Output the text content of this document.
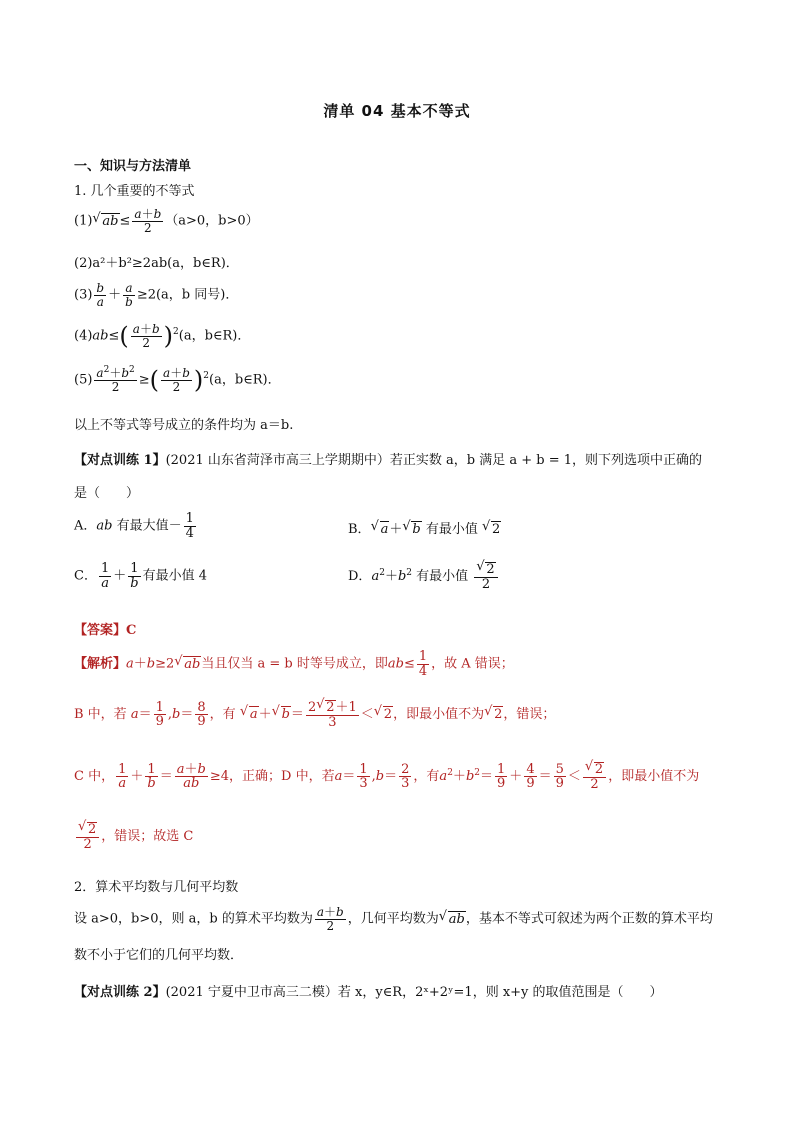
清单 04 基本不等式
一、知识与方法清单
1. 几个重要的不等式
(1) √ $ab\le \frac{a+b}{2} (a>0$，b>0）
(2)a²＋b²≥2ab(a，b∈R)．
$(3) \frac{b}{a} + \frac{a}{b} \ge 2(a$，b 同号)．
$(4)ab\le( \frac{a+b}{2} )^2(a$，b∈R)．
$(5) \frac{a^2+b^2}{2}$ ≥( $\frac{a+b}{2} )^2(a$，b∈R)．
以上不等式等号成立的条件均为 a＝b.
【对点训练 1】(2021 山东省菏泽市高三上学期期中）若正实数 a，b 满足 a + b = 1，则下列选项中正确的
是（　　）
A．ab 有最大值－ $\frac{1}{4}$	B． √ a＋ √ b 有最小值 √ 2
C． $\frac{1}{a} + \frac{1}{b}$ 有最小值 4	D．$a^2+b^2$ 有最小值 √ $\frac{2}{2}$
【答案】C
【解析】a＋b≥2 √ ab当且仅当 a = b 时等号成立，即$ab\le \frac{1}{4}$ ，故 A 错误；
B 中，若 $a= \frac{1}{9} ,b= \frac{8}{9}$ ，有 √ a＋ √ $b= \frac{2 √ 2+1}{3}$ ＜ √ 2，即最小值不为 √ 2，错误；
C 中， $\frac{1}{a} + \frac{1}{b} = \frac{a+b}{ab} \ge 4$，正确；D 中，若$a= \frac{1}{3} ,b= \frac{2}{3}$ ，有$a^2+b^2= \frac{1}{9} + \frac{4}{9} = \frac{5}{9}$ ＜ √ $\frac{2}{2}$ ，即最小值不为
√ $\frac{2}{2}$ ，错误；故选 C
2．算术平均数与几何平均数
设 a>0，b>0，则 a，b 的算术平均数为 $\frac{a+b}{2}$ ，几何平均数为 √ ab，基本不等式可叙述为两个正数的算术平均
数不小于它们的几何平均数．
【对点训练 2】(2021 宁夏中卫市高三二模）若 x，y∈R，2ˣ+2ʸ=1，则 x+y 的取值范围是（　　）
